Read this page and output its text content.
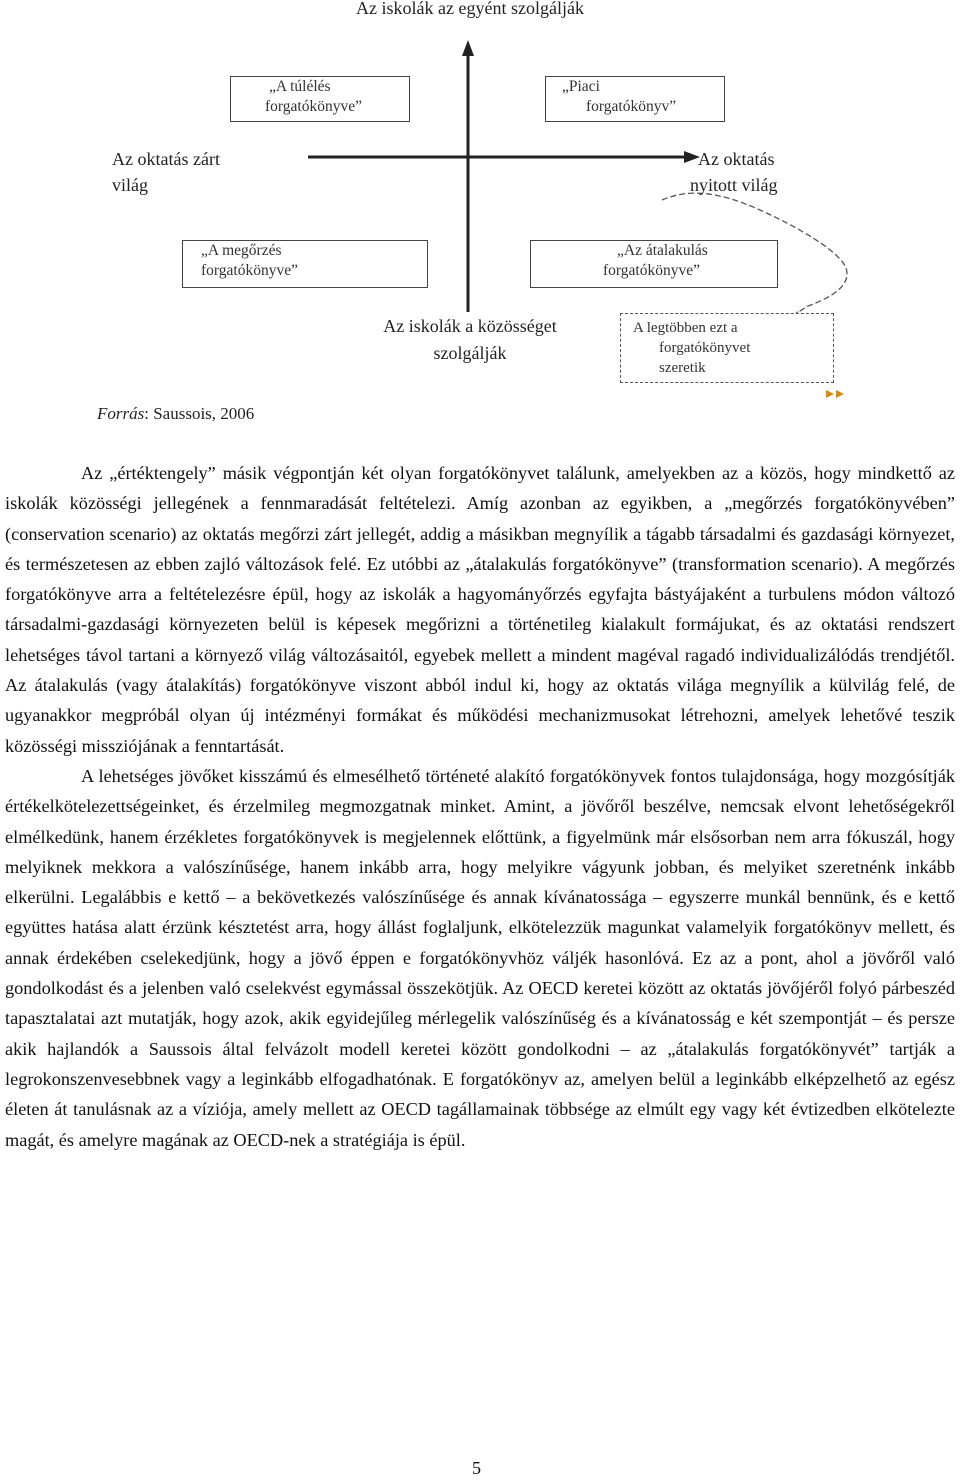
Az iskolák az egyént szolgálják
„A túlélés
forgatókönyve”
„Piaci
forgatókönyv”
Az oktatás zárt
világ
Az oktatás
nyitott világ
„A megőrzés
forgatókönyve”
„Az átalakulás
forgatókönyve”
Az iskolák a közösséget
szolgálják
A legtöbben ezt a
forgatókönyvet
szeretik
Forrás: Saussois, 2006

Az „értéktengely” másik végpontján két olyan forgatókönyvet találunk, amelyekben az a közös, hogy mindkettő az iskolák közösségi jellegének a fennmaradását feltételezi. Amíg azonban az egyikben, a „megőrzés forgatókönyvében” (conservation scenario) az oktatás megőrzi zárt jellegét, addig a másikban megnyílik a tágabb társadalmi és gazdasági környezet, és természetesen az ebben zajló változások felé. Ez utóbbi az „átalakulás forgatókönyve” (transformation scenario). A megőrzés forgatókönyve arra a feltételezésre épül, hogy az iskolák a hagyományőrzés egyfajta bástyájaként a turbulens módon változó társadalmi-gazdasági környezeten belül is képesek megőrizni a történetileg kialakult formájukat, és az oktatási rendszert lehetséges távol tartani a környező világ változásaitól, egyebek mellett a mindent magéval ragadó individualizálódás trendjétől. Az átalakulás (vagy átalakítás) forgatókönyve viszont abból indul ki, hogy az oktatás világa megnyílik a külvilág felé, de ugyanakkor megpróbál olyan új intézményi formákat és működési mechanizmusokat létrehozni, amelyek lehetővé teszik közösségi missziójának a fenntartását.

A lehetséges jövőket kisszámú és elmesélhető történeté alakító forgatókönyvek fontos tulajdonsága, hogy mozgósítják értékelkötelezettségeinket, és érzelmileg megmozgatnak minket. Amint, a jövőről beszélve, nemcsak elvont lehetőségekről elmélkedünk, hanem érzékletes forgatókönyvek is megjelennek előttünk, a figyelmünk már elsősorban nem arra fókuszál, hogy melyiknek mekkora a valószínűsége, hanem inkább arra, hogy melyikre vágyunk jobban, és melyiket szeretnénk inkább elkerülni. Legalábbis e kettő – a bekövetkezés valószínűsége és annak kívánatossága – egyszerre munkál bennünk, és e kettő együttes hatása alatt érzünk késztetést arra, hogy állást foglaljunk, elkötelezzük magunkat valamelyik forgatókönyv mellett, és annak érdekében cselekedjünk, hogy a jövő éppen e forgatókönyvhöz váljék hasonlóvá. Ez az a pont, ahol a jövőről való gondolkodást és a jelenben való cselekvést egymással összekötjük. Az OECD keretei között az oktatás jövőjéről folyó párbeszéd tapasztalatai azt mutatják, hogy azok, akik egyidejűleg mérlegelik valószínűség és a kívánatosság e két szempontját – és persze akik hajlandók a Saussois által felvázolt modell keretei között gondolkodni – az „átalakulás forgatókönyvét” tartják a legrokonszenvesebbnek vagy a leginkább elfogadhatónak. E forgatókönyv az, amelyen belül a leginkább elképzelhető az egész életen át tanulásnak az a víziója, amely mellett az OECD tagállamainak többsége az elmúlt egy vagy két évtizedben elkötelezte magát, és amelyre magának az OECD-nek a stratégiája is épül.

5
